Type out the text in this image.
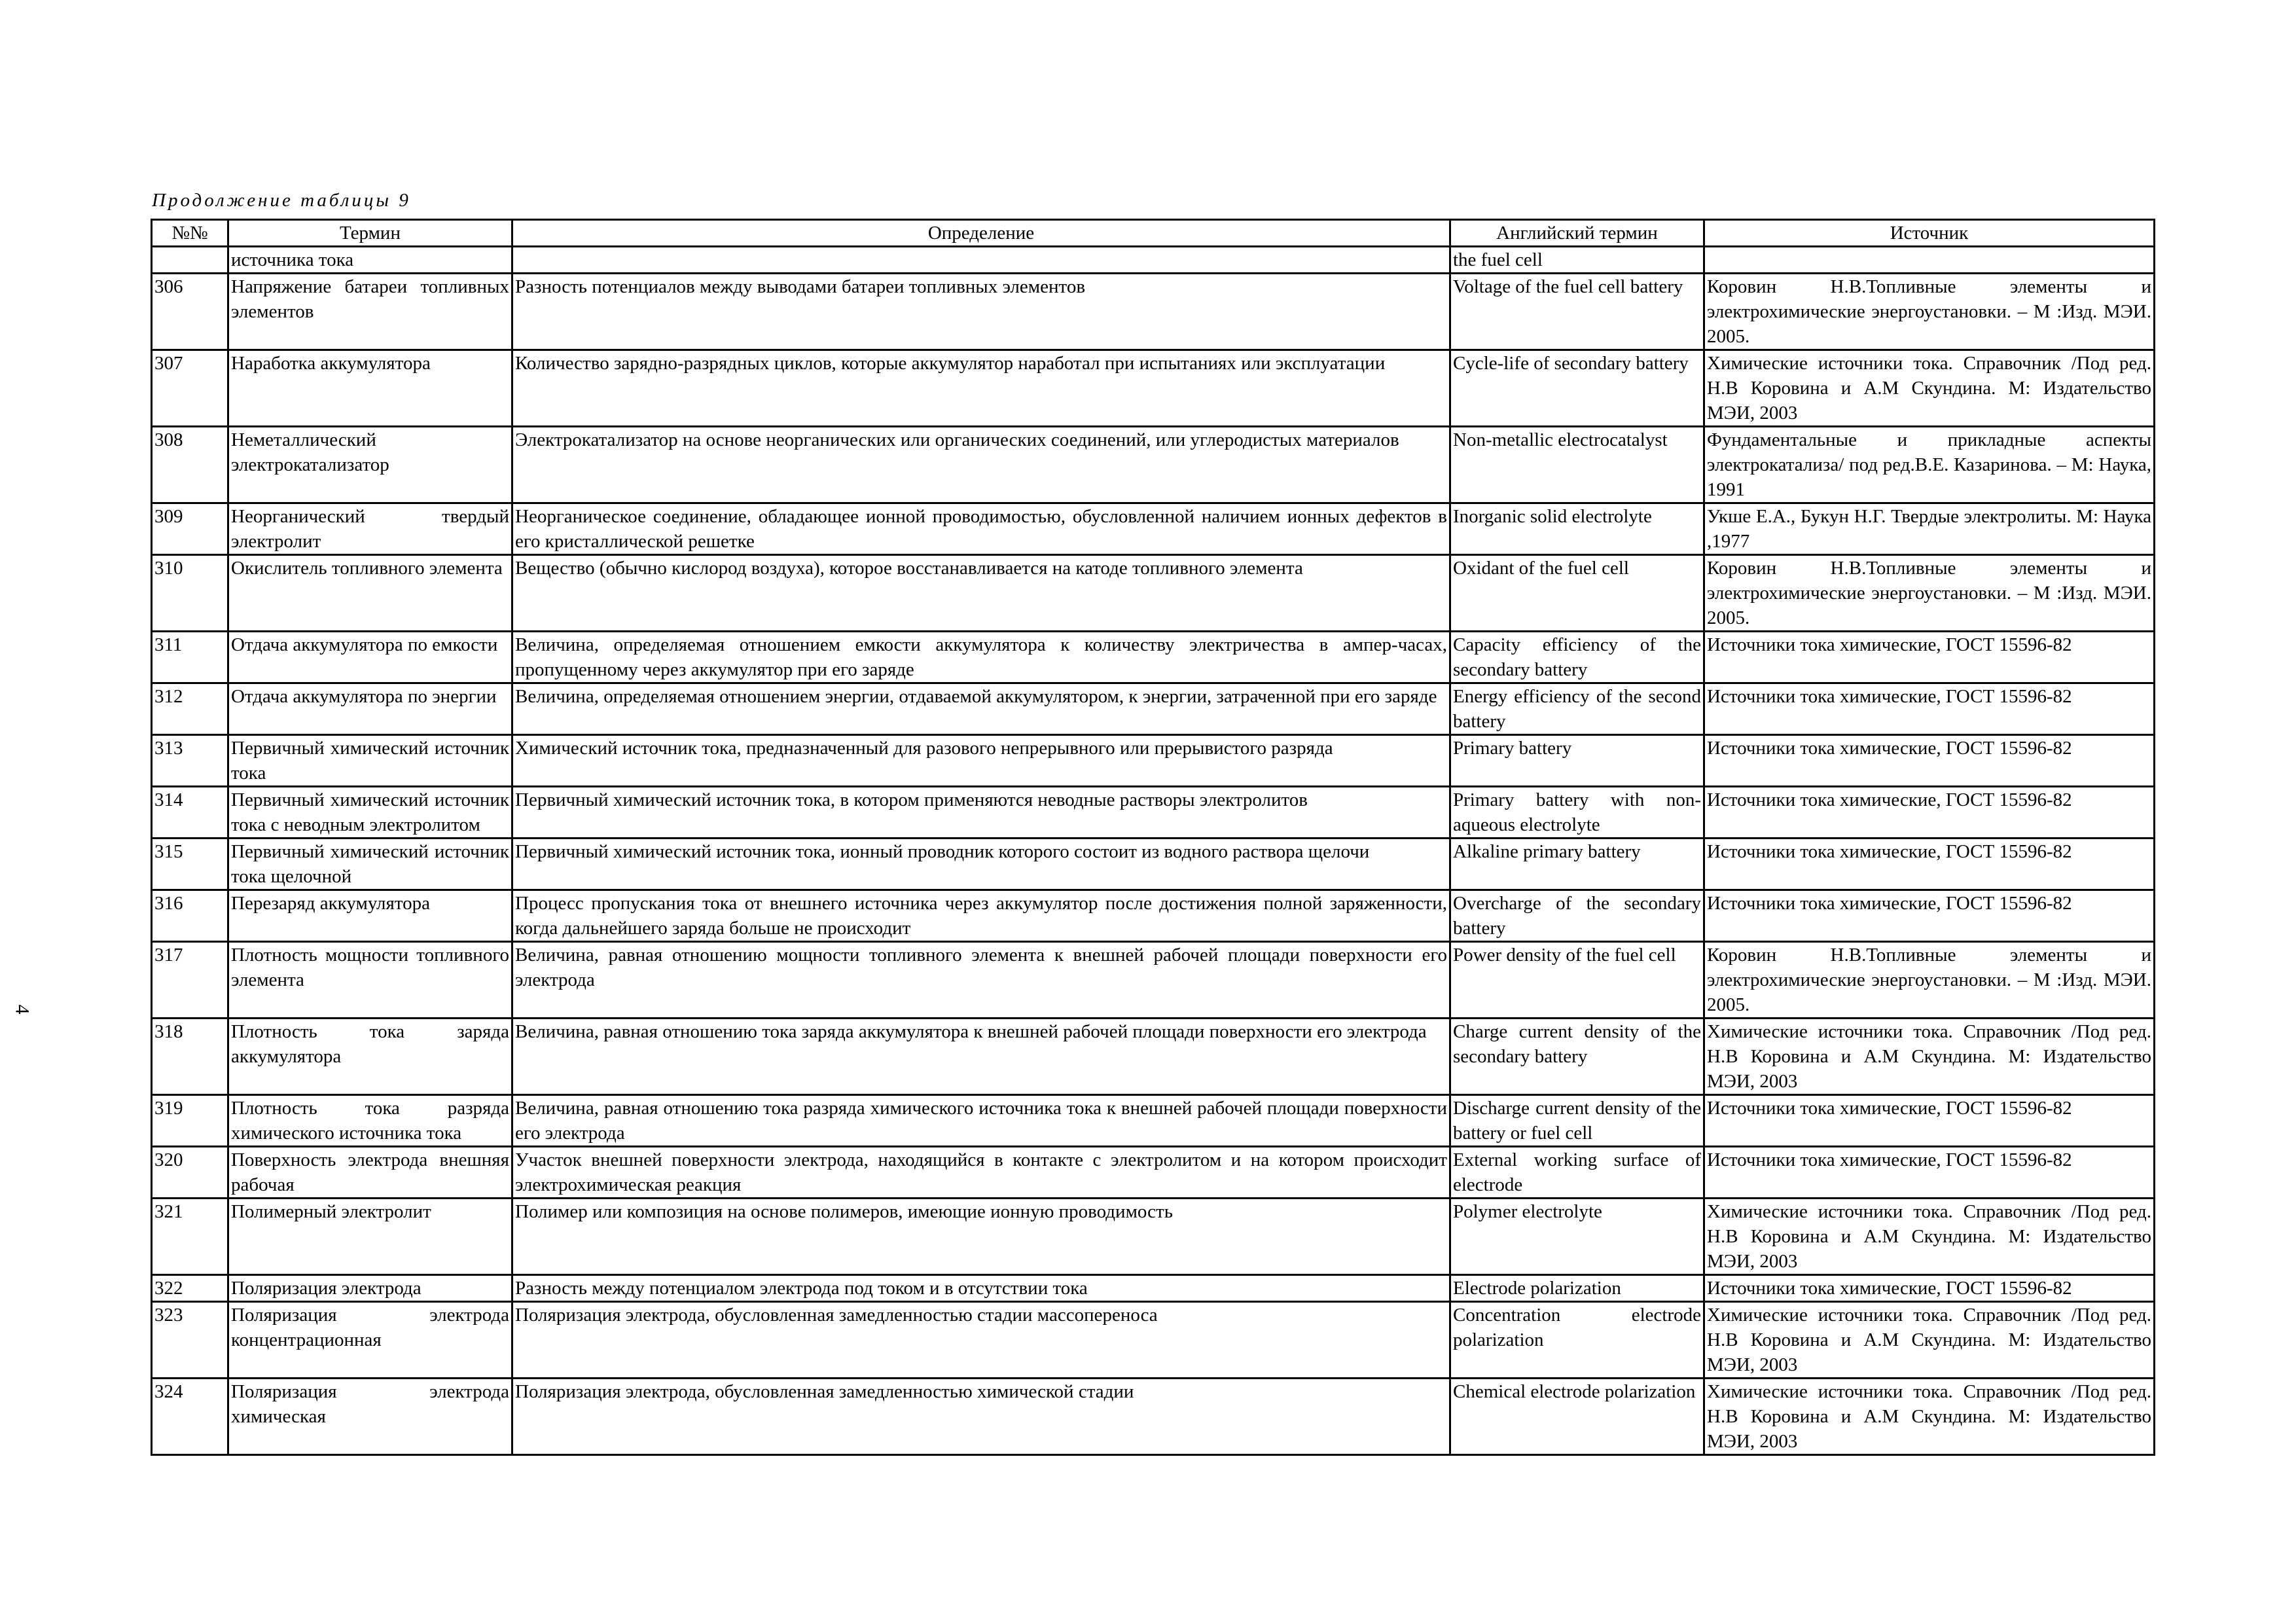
4
Продолжение таблицы 9
№№	Термин	Определение	Английский термин	Источник
	источника тока		the fuel cell	
306	Напряжение батареи топливных элементов	Разность потенциалов между выводами батареи топливных элементов	Voltage of the fuel cell battery	Коровин Н.В.Топливные элементы и электрохимические энергоустановки. – М :Изд. МЭИ. 2005.
307	Наработка аккумулятора	Количество зарядно-разрядных циклов, которые аккумулятор наработал при испытаниях или эксплуатации	Cycle-life of secondary battery	Химические источники тока. Справочник /Под ред. Н.В Коровина и А.М Скундина. М: Издательство МЭИ, 2003
308	Неметаллический электрокатализатор	Электрокатализатор на основе неорганических или органических соединений, или углеродистых материалов	Non-metallic electrocatalyst	Фундаментальные и прикладные аспекты электрокатализа/ под ред.В.Е. Казаринова. – М: Наука, 1991
309	Неорганический твердый электролит	Неорганическое соединение, обладающее ионной проводимостью, обусловленной наличием ионных дефектов в его кристаллической решетке	Inorganic solid electrolyte	Укше Е.А., Букун Н.Г. Твердые электролиты. М: Наука ,1977
310	Окислитель топливного элемента	Вещество (обычно кислород воздуха), которое восстанавливается на катоде топливного элемента	Oxidant of the fuel cell	Коровин Н.В.Топливные элементы и электрохимические энергоустановки. – М :Изд. МЭИ. 2005.
311	Отдача аккумулятора по емкости	Величина, определяемая отношением емкости аккумулятора к количеству электричества в ампер-часах, пропущенному через аккумулятор при его заряде	Capacity efficiency of the secondary battery	Источники тока химические, ГОСТ 15596-82
312	Отдача аккумулятора по энергии	Величина, определяемая отношением энергии, отдаваемой аккумулятором, к энергии, затраченной при его заряде	Energy efficiency of the second battery	Источники тока химические, ГОСТ 15596-82
313	Первичный химический источник тока	Химический источник тока, предназначенный для разового непрерывного или прерывистого разряда	Primary battery	Источники тока химические, ГОСТ 15596-82
314	Первичный химический источник тока с неводным электролитом	Первичный химический источник тока, в котором применяются неводные растворы электролитов	Primary battery with non-aqueous electrolyte	Источники тока химические, ГОСТ 15596-82
315	Первичный химический источник тока щелочной	Первичный химический источник тока, ионный проводник которого состоит из водного раствора щелочи	Alkaline primary battery	Источники тока химические, ГОСТ 15596-82
316	Перезаряд аккумулятора	Процесс пропускания тока от внешнего источника через аккумулятор после достижения полной заряженности, когда дальнейшего заряда больше не происходит	Overcharge of the secondary battery	Источники тока химические, ГОСТ 15596-82
317	Плотность мощности топливного элемента	Величина, равная отношению мощности топливного элемента к внешней рабочей площади поверхности его электрода	Power density of the fuel cell	Коровин Н.В.Топливные элементы и электрохимические энергоустановки. – М :Изд. МЭИ. 2005.
318	Плотность тока заряда аккумулятора	Величина, равная отношению тока заряда аккумулятора к внешней рабочей площади поверхности его электрода	Charge current density of the secondary battery	Химические источники тока. Справочник /Под ред. Н.В Коровина и А.М Скундина. М: Издательство МЭИ, 2003
319	Плотность тока разряда химического источника тока	Величина, равная отношению тока разряда химического источника тока к внешней рабочей площади поверхности его электрода	Discharge current density of the battery or fuel cell	Источники тока химические, ГОСТ 15596-82
320	Поверхность электрода внешняя рабочая	Участок внешней поверхности электрода, находящийся в контакте с электролитом и на котором происходит электрохимическая реакция	External working surface of electrode	Источники тока химические, ГОСТ 15596-82
321	Полимерный электролит	Полимер или композиция на основе полимеров, имеющие ионную проводимость	Polymer electrolyte	Химические источники тока. Справочник /Под ред. Н.В Коровина и А.М Скундина. М: Издательство МЭИ, 2003
322	Поляризация электрода	Разность между потенциалом электрода под током и в отсутствии тока	Electrode polarization	Источники тока химические, ГОСТ 15596-82
323	Поляризация электрода концентрационная	Поляризация электрода, обусловленная замедленностью стадии массопереноса	Concentration electrode polarization	Химические источники тока. Справочник /Под ред. Н.В Коровина и А.М Скундина. М: Издательство МЭИ, 2003
324	Поляризация электрода химическая	Поляризация электрода, обусловленная замедленностью химической стадии	Chemical electrode polarization	Химические источники тока. Справочник /Под ред. Н.В Коровина и А.М Скундина. М: Издательство МЭИ, 2003
